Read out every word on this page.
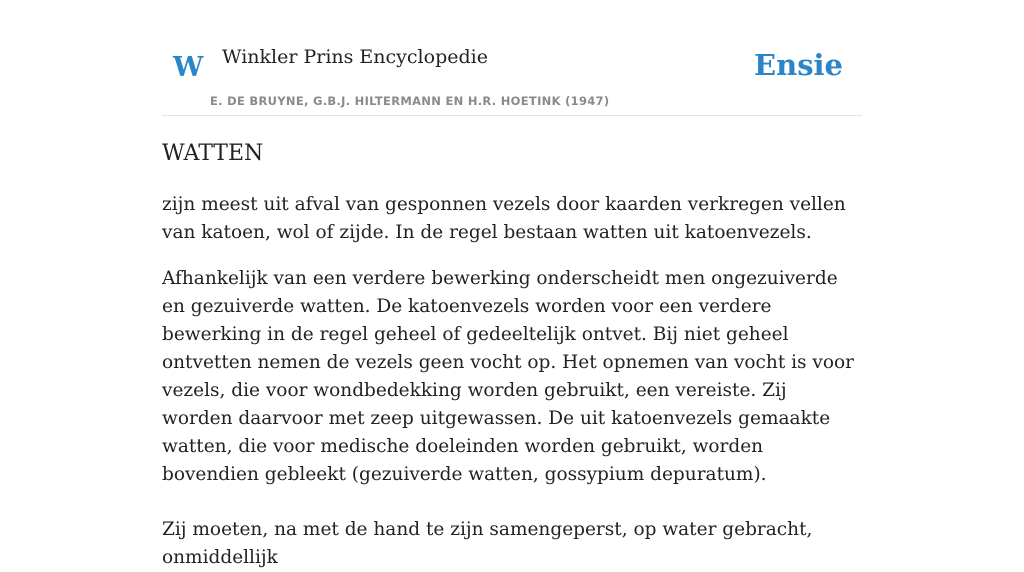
W Winkler Prins Encyclopedie
E. DE BRUYNE, G.B.J. HILTERMANN EN H.R. HOETINK (1947)
Ensie
WATTEN

zijn meest uit afval van gesponnen vezels door kaarden verkregen vellen van katoen, wol of zijde. In de regel bestaan watten uit katoenvezels.

Afhankelijk van een verdere bewerking onderscheidt men ongezuiverde en gezuiverde watten. De katoenvezels worden voor een verdere bewerking in de regel geheel of gedeeltelijk ontvet. Bij niet geheel ontvetten nemen de vezels geen vocht op. Het opnemen van vocht is voor vezels, die voor wondbedekking worden gebruikt, een vereiste. Zij worden daarvoor met zeep uitgewassen. De uit katoenvezels gemaakte watten, die voor medische doeleinden worden gebruikt, worden bovendien gebleekt (gezuiverde watten, gossypium depuratum).

Zij moeten, na met de hand te zijn samengeperst, op water gebracht, onmiddellijk
